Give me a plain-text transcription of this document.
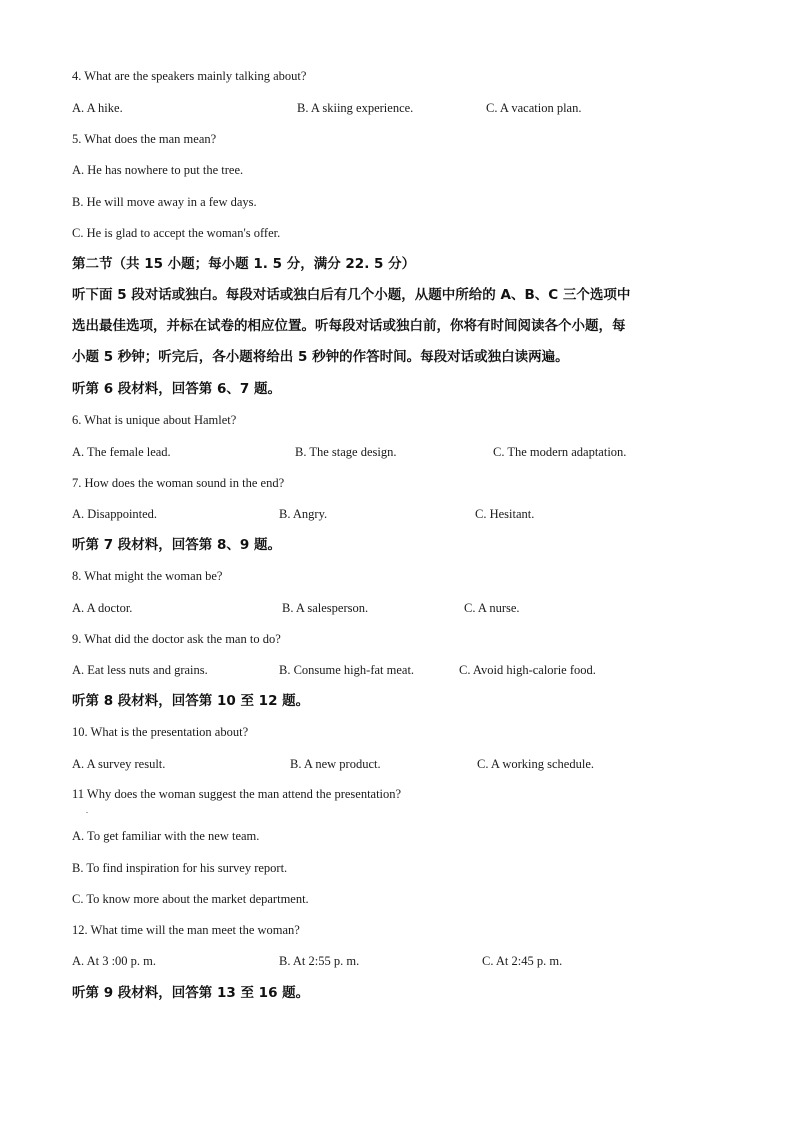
4. What are the speakers mainly talking about?
A. A hike.	B. A skiing experience.	C. A vacation plan.
5. What does the man mean?
A. He has nowhere to put the tree.
B. He will move away in a few days.
C. He is glad to accept the woman's offer.
第二节（共 15 小题；每小题 1. 5 分，满分 22. 5 分）
听下面 5 段对话或独白。每段对话或独白后有几个小题，从题中所给的 A、B、C 三个选项中
选出最佳选项，并标在试卷的相应位置。听每段对话或独白前，你将有时间阅读各个小题，每
小题 5 秒钟；听完后，各小题将给出 5 秒钟的作答时间。每段对话或独白读两遍。
听第 6 段材料，回答第 6、7 题。
6. What is unique about Hamlet?
A. The female lead.	B. The stage design.	C. The modern adaptation.
7. How does the woman sound in the end?
A. Disappointed.	B. Angry.	C. Hesitant.
听第 7 段材料，回答第 8、9 题。
8. What might the woman be?
A. A doctor.	B. A salesperson.	C. A nurse.
9. What did the doctor ask the man to do?
A. Eat less nuts and grains.	B. Consume high-fat meat.	C. Avoid high-calorie food.
听第 8 段材料，回答第 10 至 12 题。
10. What is the presentation about?
A. A survey result.	B. A new product.	C. A working schedule.
11 Why does the woman suggest the man attend the presentation?
.
A. To get familiar with the new team.
B. To find inspiration for his survey report.
C. To know more about the market department.
12. What time will the man meet the woman?
A. At 3 :00 p. m.	B. At 2:55 p. m.	C. At 2:45 p. m.
听第 9 段材料，回答第 13 至 16 题。
